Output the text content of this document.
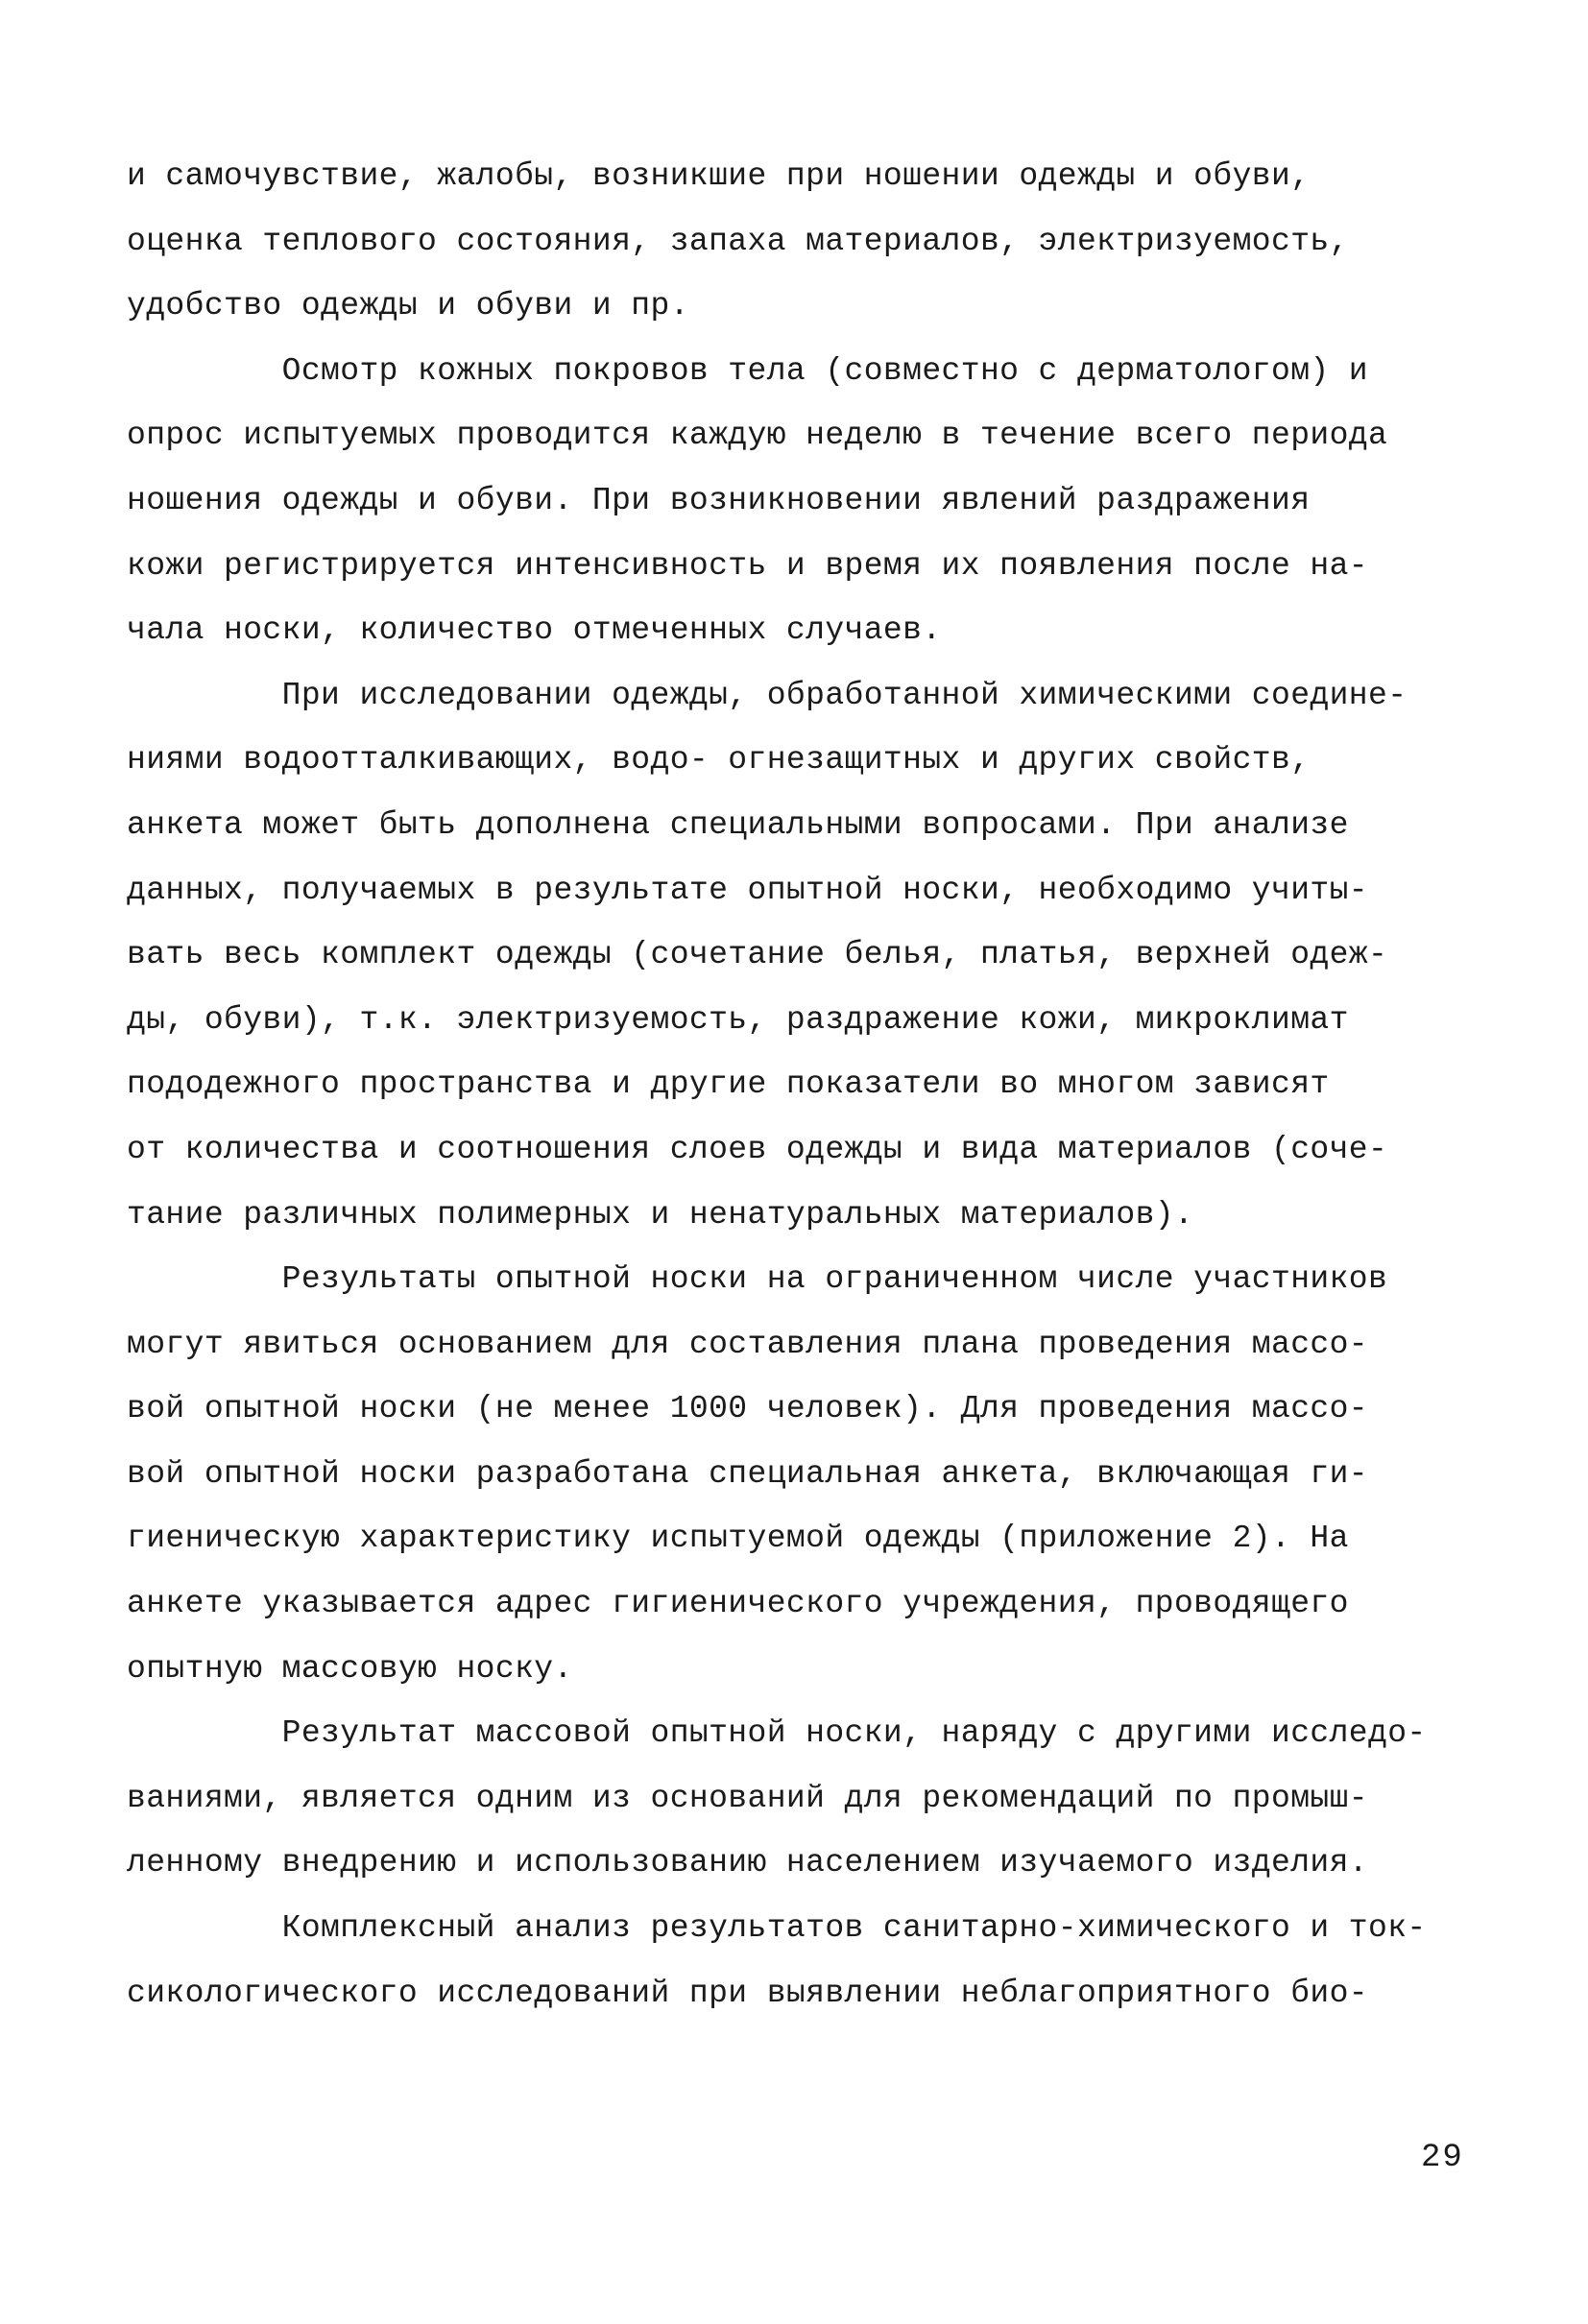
и самочувствие, жалобы, возникшие при ношении одежды и обуви,
оценка теплового состояния, запаха материалов, электризуемость,
удобство одежды и обуви и пр.
Осмотр кожных покровов тела (совместно с дерматологом) и
опрос испытуемых проводится каждую неделю в течение всего периода
ношения одежды и обуви. При возникновении явлений раздражения
кожи регистрируется интенсивность и время их появления после на-
чала носки, количество отмеченных случаев.
При исследовании одежды, обработанной химическими соедине-
ниями водоотталкивающих, водо- огнезащитных и других свойств,
анкета может быть дополнена специальными вопросами. При анализе
данных, получаемых в результате опытной носки, необходимо учиты-
вать весь комплект одежды (сочетание белья, платья, верхней одеж-
ды, обуви), т.к. электризуемость, раздражение кожи, микроклимат
пододежного пространства и другие показатели во многом зависят
от количества и соотношения слоев одежды и вида материалов (соче-
тание различных полимерных и ненатуральных материалов).
Результаты опытной носки на ограниченном числе участников
могут явиться основанием для составления плана проведения массо-
вой опытной носки (не менее 1000 человек). Для проведения массо-
вой опытной носки разработана специальная анкета, включающая ги-
гиеническую характеристику испытуемой одежды (приложение 2). На
анкете указывается адрес гигиенического учреждения, проводящего
опытную массовую носку.
Результат массовой опытной носки, наряду с другими исследо-
ваниями, является одним из оснований для рекомендаций по промыш-
ленному внедрению и использованию населением изучаемого изделия.
Комплексный анализ результатов санитарно-химического и ток-
сикологического исследований при выявлении неблагоприятного био-
29
